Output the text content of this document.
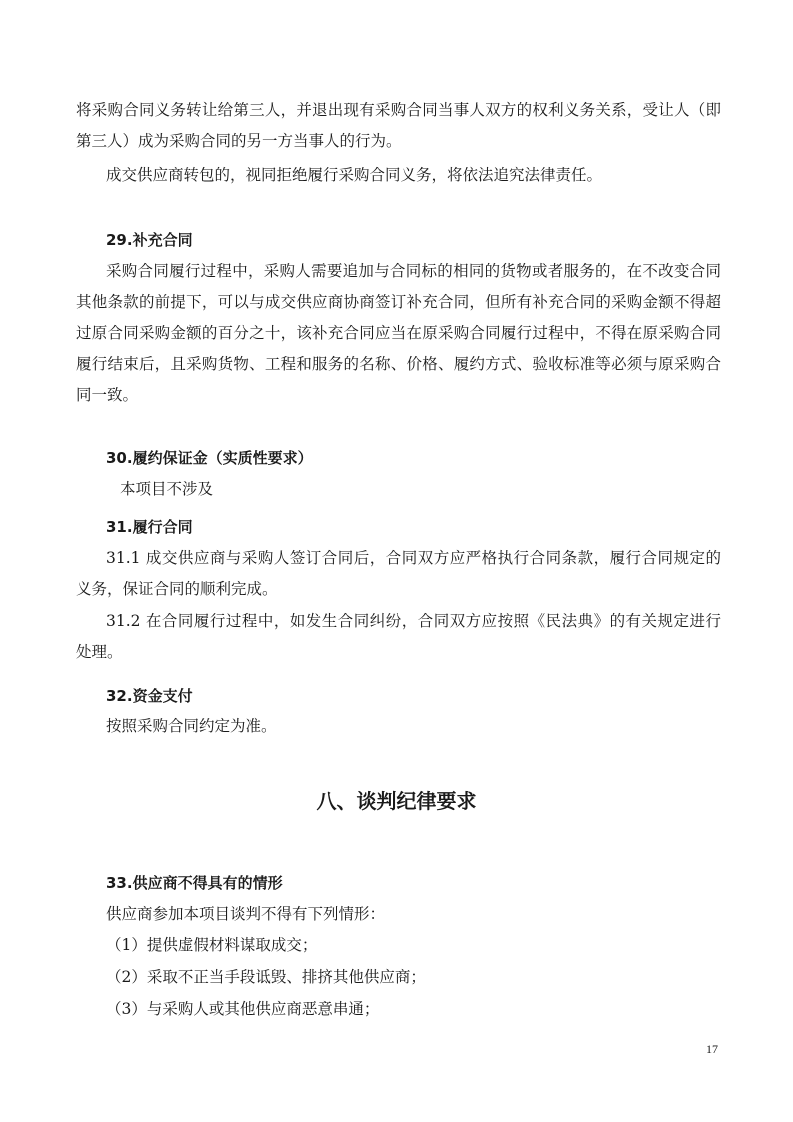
将采购合同义务转让给第三人，并退出现有采购合同当事人双方的权利义务关系，受让人（即

第三人）成为采购合同的另一方当事人的行为。

成交供应商转包的，视同拒绝履行采购合同义务，将依法追究法律责任。

29.补充合同

采购合同履行过程中，采购人需要追加与合同标的相同的货物或者服务的，在不改变合同

其他条款的前提下，可以与成交供应商协商签订补充合同，但所有补充合同的采购金额不得超

过原合同采购金额的百分之十，该补充合同应当在原采购合同履行过程中，不得在原采购合同

履行结束后，且采购货物、工程和服务的名称、价格、履约方式、验收标准等必须与原采购合

同一致。

30.履约保证金（实质性要求）

本项目不涉及

31.履行合同

31.1 成交供应商与采购人签订合同后，合同双方应严格执行合同条款，履行合同规定的

义务，保证合同的顺利完成。

31.2 在合同履行过程中，如发生合同纠纷，合同双方应按照《民法典》的有关规定进行

处理。

32.资金支付

按照采购合同约定为准。

八、谈判纪律要求
33.供应商不得具有的情形

供应商参加本项目谈判不得有下列情形：

（1）提供虚假材料谋取成交；

（2）采取不正当手段诋毁、排挤其他供应商；

（3）与采购人或其他供应商恶意串通；

17
